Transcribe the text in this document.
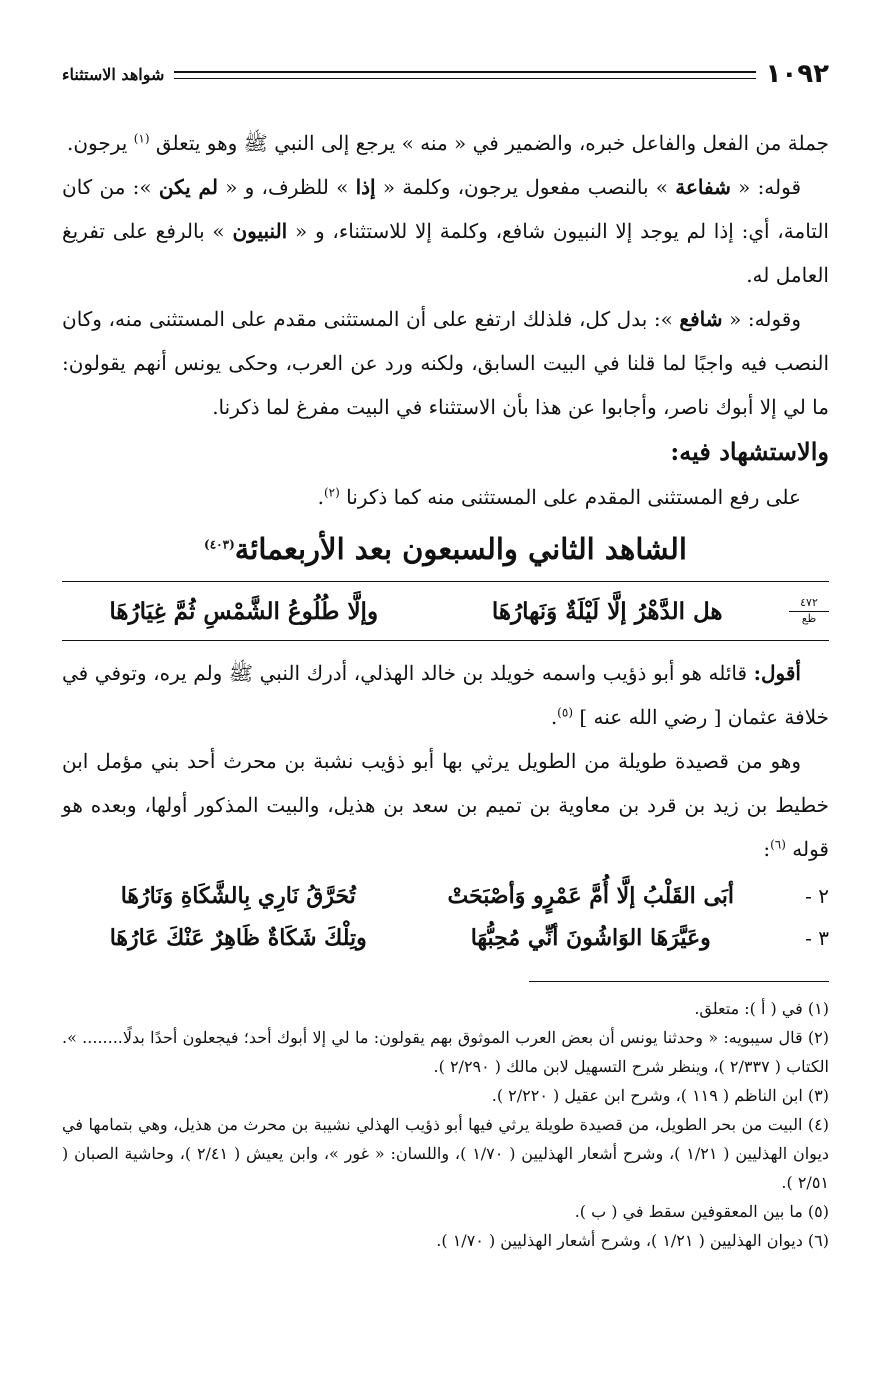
١٠٩٢
شواهد الاستثناء

جملة من الفعل والفاعل خبره، والضمير في « منه » يرجع إلى النبي ﷺ وهو يتعلق $^{(١)}$ يرجون.

قوله: « شفاعة » بالنصب مفعول يرجون، وكلمة « إذا » للظرف، و « لم يكن »: من كان التامة، أي: إذا لم يوجد إلا النبيون شافع، وكلمة إلا للاستثناء، و « النبيون » بالرفع على تفريغ العامل له.

وقوله: « شافع »: بدل كل، فلذلك ارتفع على أن المستثنى مقدم على المستثنى منه، وكان النصب فيه واجبًا لما قلنا في البيت السابق، ولكنه ورد عن العرب، وحكى يونس أنهم يقولون: ما لي إلا أبوك ناصر، وأجابوا عن هذا بأن الاستثناء في البيت مفرغ لما ذكرنا.

والاستشهاد فيه:

على رفع المستثنى المقدم على المستثنى منه كما ذكرنا $^{(٢)}$.

الشاهد الثاني والسبعون بعد الأربعمائة$^{(٤٠٣)}$
٤٧٢
ظع
هل الدَّهْرُ إلَّا لَيْلَةٌ وَنَهارُهَا
وإلَّا طُلُوعُ الشَّمْسِ ثُمَّ غِيَارُهَا

أقول: قائله هو أبو ذؤيب واسمه خويلد بن خالد الهذلي، أدرك النبي ﷺ ولم يره، وتوفي في خلافة عثمان [ رضي الله عنه ] $^{(٥)}$.

وهو من قصيدة طويلة من الطويل يرثي بها أبو ذؤيب نشبة بن محرث أحد بني مؤمل ابن خطيط بن زيد بن قرد بن معاوية بن تميم بن سعد بن هذيل، والبيت المذكور أولها، وبعده هو قوله $^{(٦)}$:

٢ -
أبَى القَلْبُ إلَّا أُمَّ عَمْرٍو وَأصْبَحَتْ
تُحَرَّقُ نَارِي بِالشَّكَاةِ وَنَارُهَا
٣ -
وعَيَّرَهَا الوَاشُونَ أنِّي مُحِبُّهَا
وتِلْكَ شَكَاةٌ ظَاهِرٌ عَنْكَ عَارُهَا

(١) في ( أ ): متعلق.

(٢) قال سيبويه: « وحدثنا يونس أن بعض العرب الموثوق بهم يقولون: ما لي إلا أبوك أحد؛ فيجعلون أحدًا بدلًا........ ». الكتاب ( ٢/٣٣٧ )، وينظر شرح التسهيل لابن مالك ( ٢/٢٩٠ ).

(٣) ابن الناظم ( ١١٩ )، وشرح ابن عقيل ( ٢/٢٢٠ ).

(٤) البيت من بحر الطويل، من قصيدة طويلة يرثي فيها أبو ذؤيب الهذلي نشيبة بن محرث من هذيل، وهي بتمامها في ديوان الهذليين ( ١/٢١ )، وشرح أشعار الهذليين ( ١/٧٠ )، واللسان: « غور »، وابن يعيش ( ٢/٤١ )، وحاشية الصبان ( ٢/٥١ ).

(٥) ما بين المعقوفين سقط في ( ب ).

(٦) ديوان الهذليين ( ١/٢١ )، وشرح أشعار الهذليين ( ١/٧٠ ).
